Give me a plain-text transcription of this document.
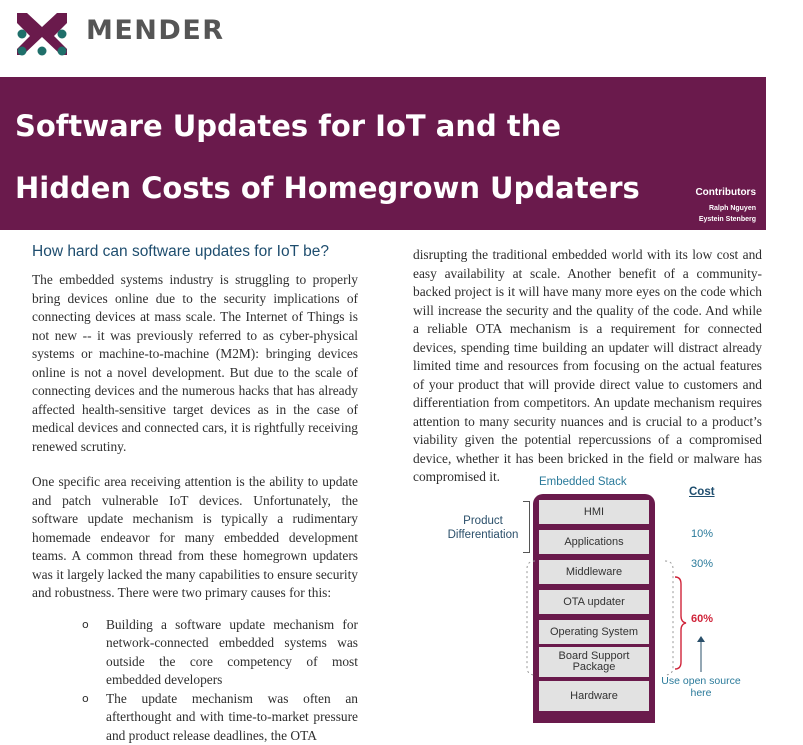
MENDER
Software Updates for IoT and the
Hidden Costs of Homegrown Updaters	Contributors
Ralph Nguyen
Eystein Stenberg
How hard can software updates for IoT be?

The embedded systems industry is struggling to properly bring devices online due to the security implications of connecting devices at mass scale. The Internet of Things is not new -- it was previously referred to as cyber-physical systems or machine-to-machine (M2M): bringing devices online is not a novel development. But due to the scale of connecting devices and the numerous hacks that has already affected health-sensitive target devices as in the case of medical devices and connected cars, it is rightfully receiving renewed scrutiny.

One specific area receiving attention is the ability to update and patch vulnerable IoT devices. Unfortunately, the software update mechanism is typically a rudimentary homemade endeavor for many embedded development teams. A common thread from these homegrown updaters was it largely lacked the many capabilities to ensure security and robustness. There were two primary causes for this:

o Building a software update mechanism for network-connected embedded systems was outside the core competency of most embedded developers
o The update mechanism was often an afterthought and with time-to-market pressure and product release deadlines, the OTA

disrupting the traditional embedded world with its low cost and easy availability at scale. Another benefit of a community-backed project is it will have many more eyes on the code which will increase the security and the quality of the code. And while a reliable OTA mechanism is a requirement for connected devices, spending time building an updater will distract already limited time and resources from focusing on the actual features of your product that will provide direct value to customers and differentiation from competitors. An update mechanism requires attention to many security nuances and is crucial to a product’s viability given the potential repercussions of a compromised device, whether it has been bricked in the field or malware has compromised it.	Embedded Stack
Cost
Product
Differentiation
HMI
Applications
Middleware
OTA updater
Operating System
Board Support Package
Hardware
10%
30%
60%
Use open source
here
